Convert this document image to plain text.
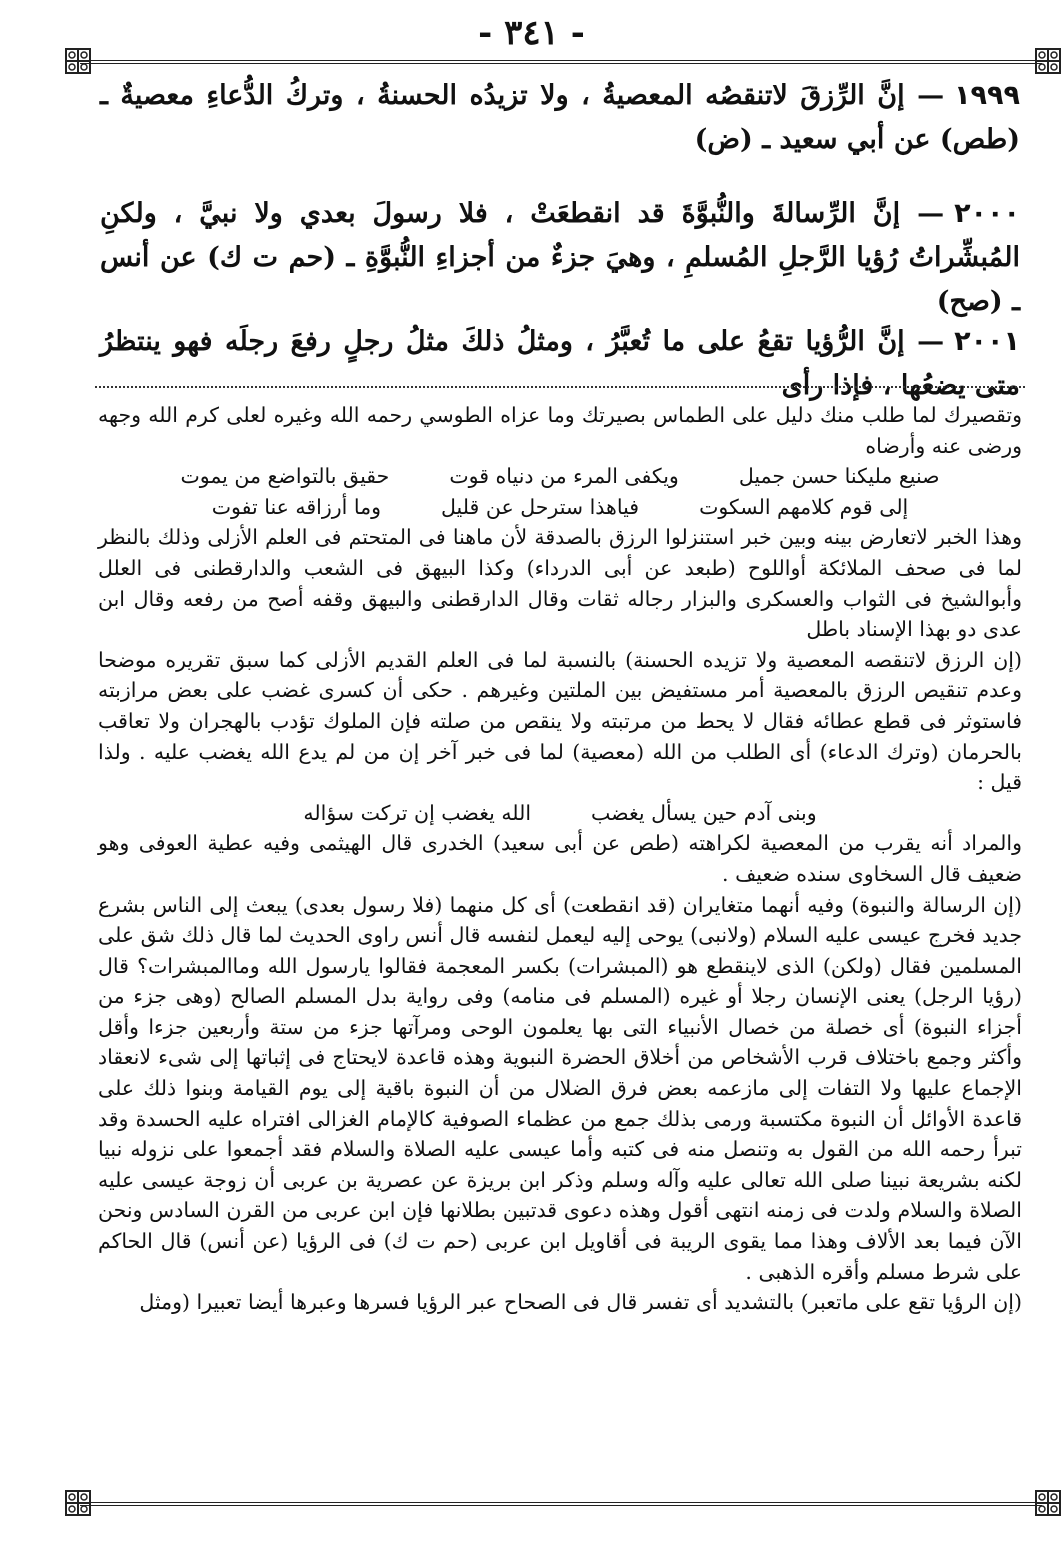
- ٣٤١ -
١٩٩٩— إنَّ الرِّزقَ لاتنقصُه المعصيةُ ، ولا تزيدُه الحسنةُ ، وتركُ الدُّعاءِ معصيةٌ ـ (طص) عن أبي سعيد ـ (ض)
٢٠٠٠— إنَّ الرِّسالةَ والنُّبوَّةَ قد انقطعَتْ ، فلا رسولَ بعدي ولا نبيَّ ، ولكنِ المُبشِّراتُ رُؤيا الرَّجلِ المُسلمِ ، وهيَ جزءٌ من أجزاءِ النُّبوَّةِ ـ (حم ت ك) عن أنس ـ (صح)
٢٠٠١— إنَّ الرُّؤيا تقعُ على ما تُعبَّرُ ، ومثلُ ذلكَ مثلُ رجلٍ رفعَ رجلَه فهو ينتظرُ متى يضعُها ، فإذا رأى

وتقصيرك لما طلب منك دليل على الطماس بصيرتك وما عزاه الطوسي رحمه الله وغيره لعلى كرم الله وجهه ورضى عنه وأرضاه

صنيع مليكنا حسن جميل
ويكفى المرء من دنياه قوت
حقيق بالتواضع من يموت
إلى قوم كلامهم السكوت
فياهذا سترحل عن قليل
وما أرزاقه عنا تفوت

وهذا الخبر لاتعارض بينه وبين خبر استنزلوا الرزق بالصدقة لأن ماهنا فى المتحتم فى العلم الأزلى وذلك بالنظر لما فى صحف الملائكة أواللوح (طبعد عن أبى الدرداء) وكذا البيهق فى الشعب والدارقطنى فى العلل وأبوالشيخ فى الثواب والعسكرى والبزار رجاله ثقات وقال الدارقطنى والبيهق وقفه أصح من رفعه وقال ابن عدى دو بهذا الإسناد باطل

(إن الرزق لاتنقصه المعصية ولا تزيده الحسنة) بالنسبة لما فى العلم القديم الأزلى كما سبق تقريره موضحا وعدم تنقيص الرزق بالمعصية أمر مستفيض بين الملتين وغيرهم . حكى أن كسرى غضب على بعض مرازبته فاستوثر فى قطع عطائه فقال لا يحط من مرتبته ولا ينقص من صلته فإن الملوك تؤدب بالهجران ولا تعاقب بالحرمان (وترك الدعاء) أى الطلب من الله (معصية) لما فى خبر آخر إن من لم يدع الله يغضب عليه . ولذا قيل :

وبنى آدم حين يسأل يغضب
الله يغضب إن تركت سؤاله

والمراد أنه يقرب من المعصية لكراهته (طص عن أبى سعيد) الخدرى قال الهيثمى وفيه عطية العوفى وهو ضعيف قال السخاوى سنده ضعيف .

(إن الرسالة والنبوة) وفيه أنهما متغايران (قد انقطعت) أى كل منهما (فلا رسول بعدى) يبعث إلى الناس بشرع جديد فخرج عيسى عليه السلام (ولانبى) يوحى إليه ليعمل لنفسه قال أنس راوى الحديث لما قال ذلك شق على المسلمين فقال (ولكن) الذى لاينقطع هو (المبشرات) بكسر المعجمة فقالوا يارسول الله وماالمبشرات؟ قال (رؤيا الرجل) يعنى الإنسان رجلا أو غيره (المسلم فى منامه) وفى رواية بدل المسلم الصالح (وهى جزء من أجزاء النبوة) أى خصلة من خصال الأنبياء التى بها يعلمون الوحى ومرآتها جزء من ستة وأربعين جزءا وأقل وأكثر وجمع باختلاف قرب الأشخاص من أخلاق الحضرة النبوية وهذه قاعدة لايحتاج فى إثباتها إلى شىء لانعقاد الإجماع عليها ولا التفات إلى مازعمه بعض فرق الضلال من أن النبوة باقية إلى يوم القيامة وبنوا ذلك على قاعدة الأوائل أن النبوة مكتسبة ورمى بذلك جمع من عظماء الصوفية كالإمام الغزالى افتراه عليه الحسدة وقد تبرأ رحمه الله من القول به وتنصل منه فى كتبه وأما عيسى عليه الصلاة والسلام فقد أجمعوا على نزوله نبيا لكنه بشريعة نبينا صلى الله تعالى عليه وآله وسلم وذكر ابن بريزة عن عصرية بن عربى أن زوجة عيسى عليه الصلاة والسلام ولدت فى زمنه انتهى أقول وهذه دعوى قدتبين بطلانها فإن ابن عربى من القرن السادس ونحن الآن فيما بعد الألاف وهذا مما يقوى الريبة فى أقاويل ابن عربى (حم ت ك) فى الرؤيا (عن أنس) قال الحاكم على شرط مسلم وأقره الذهبى .

(إن الرؤيا تقع على ماتعبر) بالتشديد أى تفسر قال فى الصحاح عبر الرؤيا فسرها وعبرها أيضا تعبيرا (ومثل
